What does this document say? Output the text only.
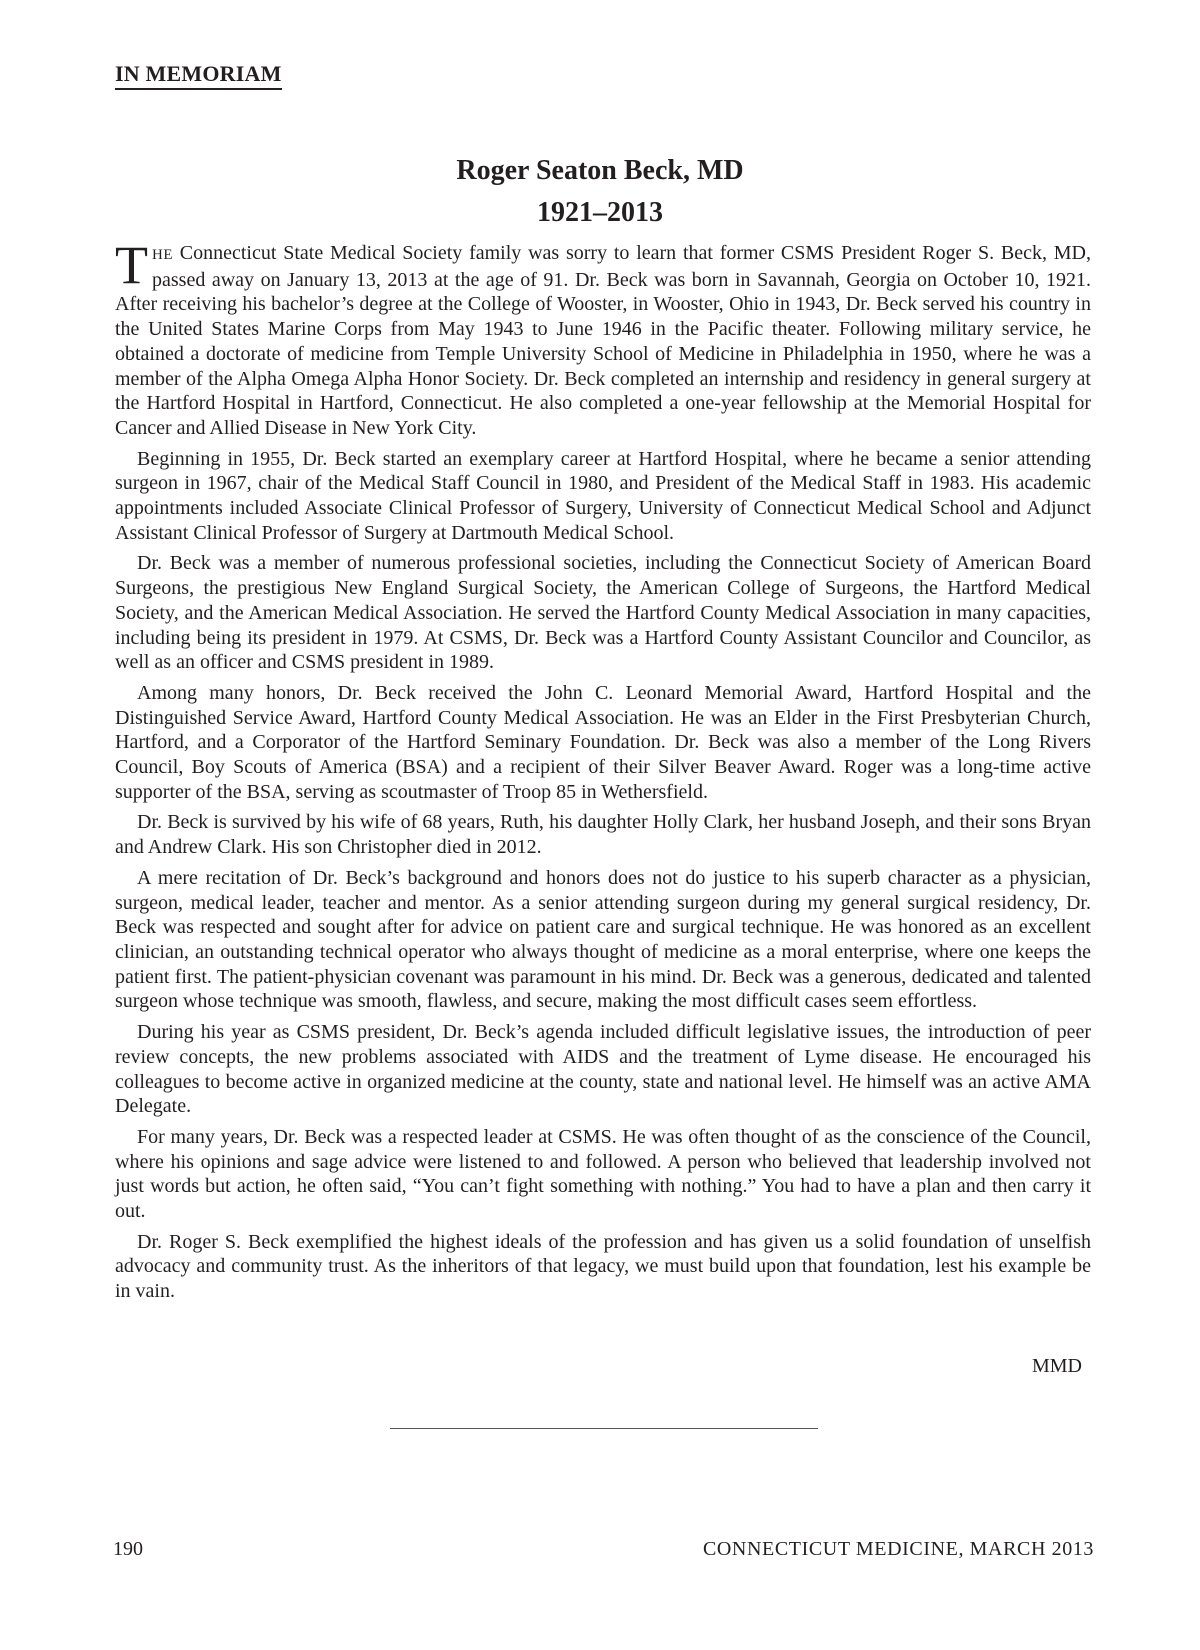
IN MEMORIAM
Roger Seaton Beck, MD
1921–2013

THE Connecticut State Medical Society family was sorry to learn that former CSMS President Roger S. Beck, MD, passed away on January 13, 2013 at the age of 91. Dr. Beck was born in Savannah, Georgia on October 10, 1921. After receiving his bachelor’s degree at the College of Wooster, in Wooster, Ohio in 1943, Dr. Beck served his country in the United States Marine Corps from May 1943 to June 1946 in the Pacific theater. Following military service, he obtained a doctorate of medicine from Temple University School of Medicine in Philadelphia in 1950, where he was a member of the Alpha Omega Alpha Honor Society. Dr. Beck completed an internship and residency in general surgery at the Hartford Hospital in Hartford, Connecticut. He also completed a one-year fellowship at the Memorial Hospital for Cancer and Allied Disease in New York City.

Beginning in 1955, Dr. Beck started an exemplary career at Hartford Hospital, where he became a senior attending surgeon in 1967, chair of the Medical Staff Council in 1980, and President of the Medical Staff in 1983. His academic appointments included Associate Clinical Professor of Surgery, University of Connecticut Medical School and Adjunct Assistant Clinical Professor of Surgery at Dartmouth Medical School.

Dr. Beck was a member of numerous professional societies, including the Connecticut Society of American Board Surgeons, the prestigious New England Surgical Society, the American College of Surgeons, the Hartford Medical Society, and the American Medical Association. He served the Hartford County Medical Association in many capacities, including being its president in 1979. At CSMS, Dr. Beck was a Hartford County Assistant Councilor and Councilor, as well as an officer and CSMS president in 1989.

Among many honors, Dr. Beck received the John C. Leonard Memorial Award, Hartford Hospital and the Distinguished Service Award, Hartford County Medical Association. He was an Elder in the First Presbyterian Church, Hartford, and a Corporator of the Hartford Seminary Foundation. Dr. Beck was also a member of the Long Rivers Council, Boy Scouts of America (BSA) and a recipient of their Silver Beaver Award. Roger was a long-time active supporter of the BSA, serving as scoutmaster of Troop 85 in Wethersfield.

Dr. Beck is survived by his wife of 68 years, Ruth, his daughter Holly Clark, her husband Joseph, and their sons Bryan and Andrew Clark. His son Christopher died in 2012.

A mere recitation of Dr. Beck’s background and honors does not do justice to his superb character as a physician, surgeon, medical leader, teacher and mentor. As a senior attending surgeon during my general surgical residency, Dr. Beck was respected and sought after for advice on patient care and surgical technique. He was honored as an excellent clinician, an outstanding technical operator who always thought of medicine as a moral enterprise, where one keeps the patient first. The patient-physician covenant was paramount in his mind. Dr. Beck was a generous, dedicated and talented surgeon whose technique was smooth, flawless, and secure, making the most difficult cases seem effortless.

During his year as CSMS president, Dr. Beck’s agenda included difficult legislative issues, the introduction of peer review concepts, the new problems associated with AIDS and the treatment of Lyme disease. He encouraged his colleagues to become active in organized medicine at the county, state and national level. He himself was an active AMA Delegate.

For many years, Dr. Beck was a respected leader at CSMS. He was often thought of as the conscience of the Council, where his opinions and sage advice were listened to and followed. A person who believed that leadership involved not just words but action, he often said, “You can’t fight something with nothing.” You had to have a plan and then carry it out.

Dr. Roger S. Beck exemplified the highest ideals of the profession and has given us a solid foundation of unselfish advocacy and community trust. As the inheritors of that legacy, we must build upon that foundation, lest his example be in vain.

MMD
190	CONNECTICUT MEDICINE, MARCH 2013
